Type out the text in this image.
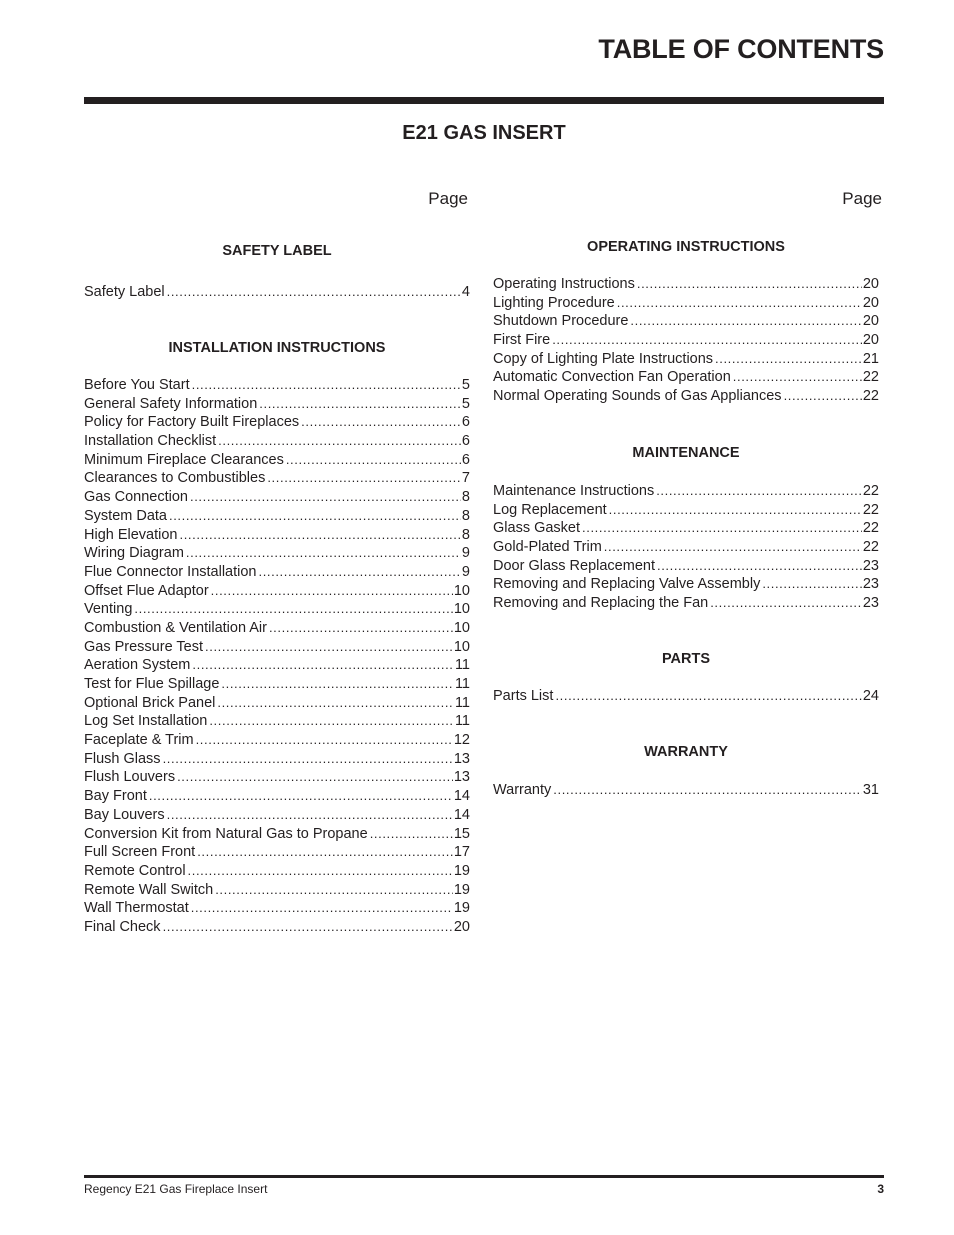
TABLE OF CONTENTS
E21 GAS INSERT
Page
SAFETY LABEL
Safety Label .....	4
INSTALLATION INSTRUCTIONS
Before You Start .....	5
General Safety Information .....	5
Policy for Factory Built Fireplaces .....	6
Installation Checklist .....	6
Minimum Fireplace Clearances .....	6
Clearances to Combustibles .....	7
Gas Connection .....	8
System Data .....	8
High Elevation .....	8
Wiring Diagram .....	9
Flue Connector Installation .....	9
Offset Flue Adaptor .....	10
Venting .....	10
Combustion & Ventilation Air .....	10
Gas Pressure Test .....	10
Aeration System .....	11
Test for Flue Spillage .....	11
Optional Brick Panel .....	11
Log Set Installation .....	11
Faceplate & Trim .....	12
Flush Glass .....	13
Flush Louvers .....	13
Bay Front .....	14
Bay Louvers .....	14
Conversion Kit from Natural Gas to Propane .....	15
Full Screen Front .....	17
Remote Control .....	19
Remote Wall Switch .....	19
Wall Thermostat .....	19
Final Check .....	20
Page
OPERATING INSTRUCTIONS
Operating Instructions .....	20
Lighting Procedure .....	20
Shutdown Procedure .....	20
First Fire .....	20
Copy of Lighting Plate Instructions .....	21
Automatic Convection Fan Operation .....	22
Normal Operating Sounds of Gas Appliances .....	22
MAINTENANCE
Maintenance Instructions .....	22
Log Replacement .....	22
Glass Gasket .....	22
Gold-Plated Trim .....	22
Door Glass Replacement .....	23
Removing and Replacing Valve Assembly .....	23
Removing and Replacing the Fan .....	23
PARTS
Parts List .....	24
WARRANTY
Warranty .....	31
Regency E21 Gas Fireplace Insert	3
